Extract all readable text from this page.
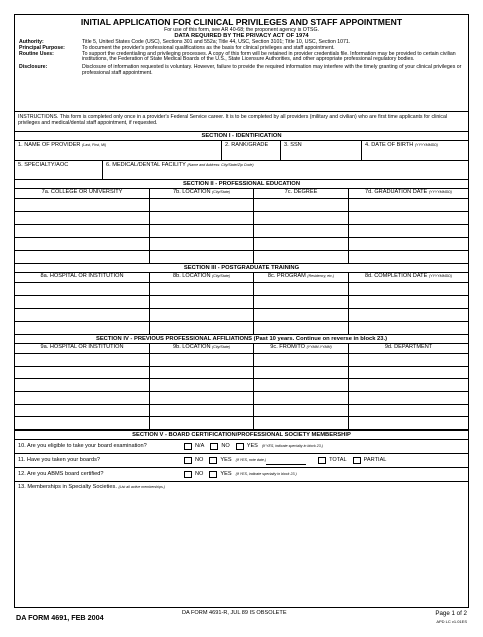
INITIAL APPLICATION FOR CLINICAL PRIVILEGES AND STAFF APPOINTMENT
For use of this form, see AR 40-68; the proponent agency is OTSG.
DATA REQUIRED BY THE PRIVACY ACT OF 1974
Authority:	Title 5, United States Code (USC), Sections 301 and 552a; Title 44, USC, Section 3101; Title 10, USC, Section 1071.
Principal Purpose:	To document the provider's professional qualifications as the basis for clinical privileges and staff appointment.
Routine Uses:	To support the credentialing and privileging processes. A copy of this form will be retained in provider credentials file. Information may be provided to certain civilian institutions, the Federation of State Medical Boards of the U.S., State Licensure Authorities, and other appropriate professional regulatory bodies.
Disclosure:	Disclosure of information requested is voluntary. However, failure to provide the required information may interfere with the timely granting of your clinical privileges or professional staff appointment.
INSTRUCTIONS. This form is completed only once in a provider's Federal Service career. It is to be completed by all providers (military and civilian) who are first time applicants for clinical privileges and medical/dental staff appointment, if requested.
SECTION I - IDENTIFICATION
1. NAME OF PROVIDER (Last, First, MI)	2. RANK/GRADE	3. SSN	4. DATE OF BIRTH (YYYYMMDD)
5. SPECIALTY/AOC	6. MEDICAL/DENTAL FACILITY (Name and Address: City/State/Zip Code)
SECTION II - PROFESSIONAL EDUCATION
7a. COLLEGE OR UNIVERSITY	7b. LOCATION (City/State)	7c. DEGREE	7d. GRADUATION DATE (YYYYMMDD)
SECTION III - POSTGRADUATE TRAINING
8a. HOSPITAL OR INSTITUTION	8b. LOCATION (City/State)	8c. PROGRAM (Residency, etc.)	8d. COMPLETION DATE (YYYYMMDD)
SECTION IV - PREVIOUS PROFESSIONAL AFFILIATIONS (Past 10 years. Continue on reverse in block 23.)
9a. HOSPITAL OR INSTITUTION	9b. LOCATION (City/State)	9c. FROM/TO (YYMM-YYMM)	9d. DEPARTMENT
SECTION V - BOARD CERTIFICATION/PROFESSIONAL SOCIETY MEMBERSHIP
10. Are you eligible to take your board examination?	N/A	NO	YES (If YES, indicate specialty in block 23.)
11. Have you taken your boards?	NO	YES (If YES, note date.)	TOTAL	PARTIAL
12. Are you ABMS board certified?	NO	YES (If YES, indicate specialty in block 23.)
13. Memberships in Specialty Societies. (List all active memberships.)
DA FORM 4691, FEB 2004	DA FORM 4691-R, JUL 89 IS OBSOLETE	Page 1 of 2
APD LC v1.01ES
